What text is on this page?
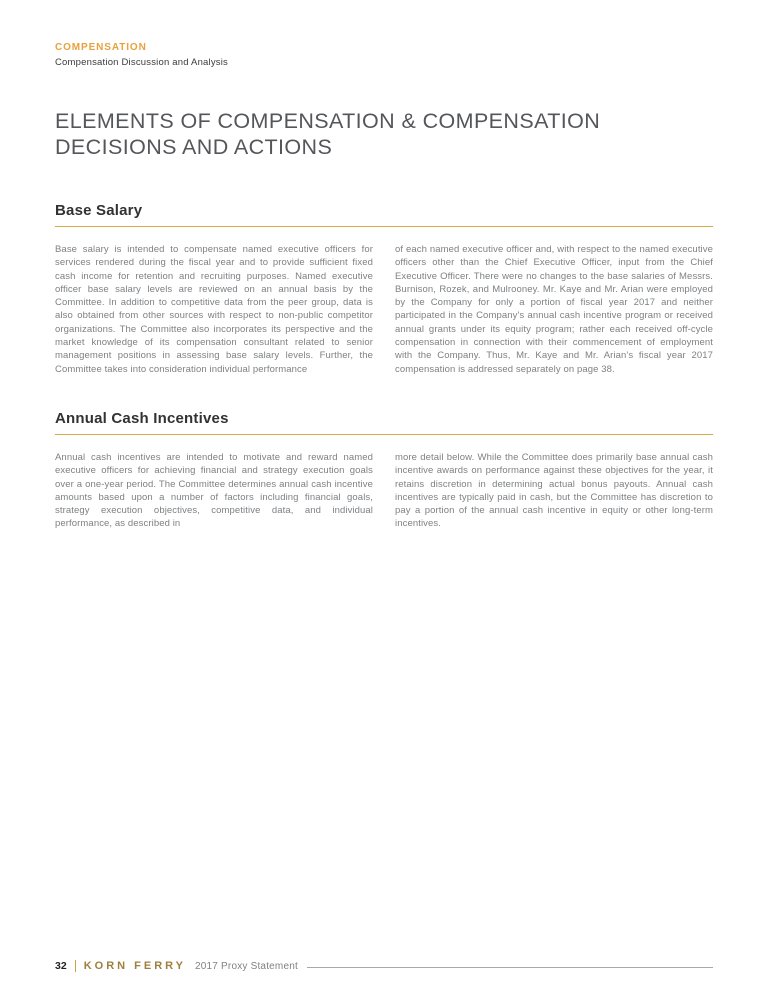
COMPENSATION
Compensation Discussion and Analysis
ELEMENTS OF COMPENSATION & COMPENSATION DECISIONS AND ACTIONS
Base Salary

Base salary is intended to compensate named executive officers for services rendered during the fiscal year and to provide sufficient fixed cash income for retention and recruiting purposes. Named executive officer base salary levels are reviewed on an annual basis by the Committee. In addition to competitive data from the peer group, data is also obtained from other sources with respect to non-public competitor organizations. The Committee also incorporates its perspective and the market knowledge of its compensation consultant related to senior management positions in assessing base salary levels. Further, the Committee takes into consideration individual performance

of each named executive officer and, with respect to the named executive officers other than the Chief Executive Officer, input from the Chief Executive Officer. There were no changes to the base salaries of Messrs. Burnison, Rozek, and Mulrooney. Mr. Kaye and Mr. Arian were employed by the Company for only a portion of fiscal year 2017 and neither participated in the Company's annual cash incentive program or received annual grants under its equity program; rather each received off-cycle compensation in connection with their commencement of employment with the Company. Thus, Mr. Kaye and Mr. Arian's fiscal year 2017 compensation is addressed separately on page 38.

Annual Cash Incentives

Annual cash incentives are intended to motivate and reward named executive officers for achieving financial and strategy execution goals over a one-year period. The Committee determines annual cash incentive amounts based upon a number of factors including financial goals, strategy execution objectives, competitive data, and individual performance, as described in

more detail below. While the Committee does primarily base annual cash incentive awards on performance against these objectives for the year, it retains discretion in determining actual bonus payouts. Annual cash incentives are typically paid in cash, but the Committee has discretion to pay a portion of the annual cash incentive in equity or other long-term incentives.

32 KORN FERRY 2017 Proxy Statement
